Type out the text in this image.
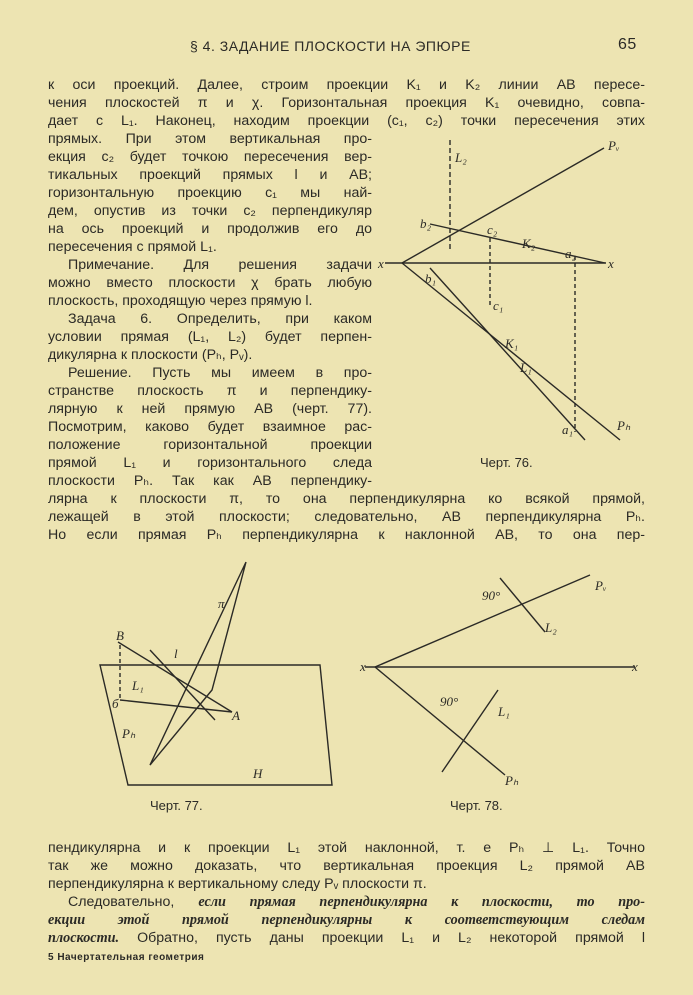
§ 4. ЗАДАНИЕ ПЛОСКОСТИ НА ЭПЮРЕ	65
к оси проекций. Далее, строим проекции K₁ и K₂ линии AB пересе-
чения плоскостей π и χ. Горизонтальная проекция K₁ очевидно, совпа-
дает с L₁. Наконец, находим проекции (c₁, c₂) точки пересечения этих
прямых. При этом вертикальная про-
екция c₂ будет точкою пересечения вер-
тикальных проекций прямых l и AB;
горизонтальную проекцию c₁ мы най-
дем, опустив из точки c₂ перпендикуляр
на ось проекций и продолжив его до
пересечения с прямой L₁.
Примечание. Для решения задачи
можно вместо плоскости χ брать любую
плоскость, проходящую через прямую l.
Задача 6. Определить, при каком
условии прямая (L₁, L₂) будет перпен-
дикулярна к плоскости (Pₕ, Pᵥ).
Решение. Пусть мы имеем в про-
странстве плоскость π и перпендику-
лярную к ней прямую AB (черт. 77).
Посмотрим, каково будет взаимное рас-
положение горизонтальной проекции
прямой L₁ и горизонтального следа
плоскости Pₕ. Так как AB перпендику-
лярна к плоскости π, то она перпендикулярна ко всякой прямой,
лежащей в этой плоскости; следовательно, AB перпендикулярна Pₕ.
Но если прямая Pₕ перпендикулярна к наклонной AB, то она пер-
пендикулярна и к проекции L₁ этой наклонной, т. е Pₕ ⊥ L₁. Точно
так же можно доказать, что вертикальная проекция L₂ прямой AB
перпендикулярна к вертикальному следу Pᵥ плоскости π.
x	x
L₂
Pᵥ
b₂	c₂
K₂
a₂
b₁
c₁
K₁
L₁
a₁	Pₕ
π
B
l
L₁
б
A
Pₕ
H
x	x
90°
Pᵥ
L₂
90°
L₁
Pₕ
Черт. 76.
Черт. 77.	Черт. 78.
Следовательно, если прямая перпендикулярна к плоскости, то про-
екции этой прямой перпендикулярны к соответствующим следам
плоскости. Обратно, пусть даны проекции L₁ и L₂ некоторой прямой l
5 Начертательная геометрия
